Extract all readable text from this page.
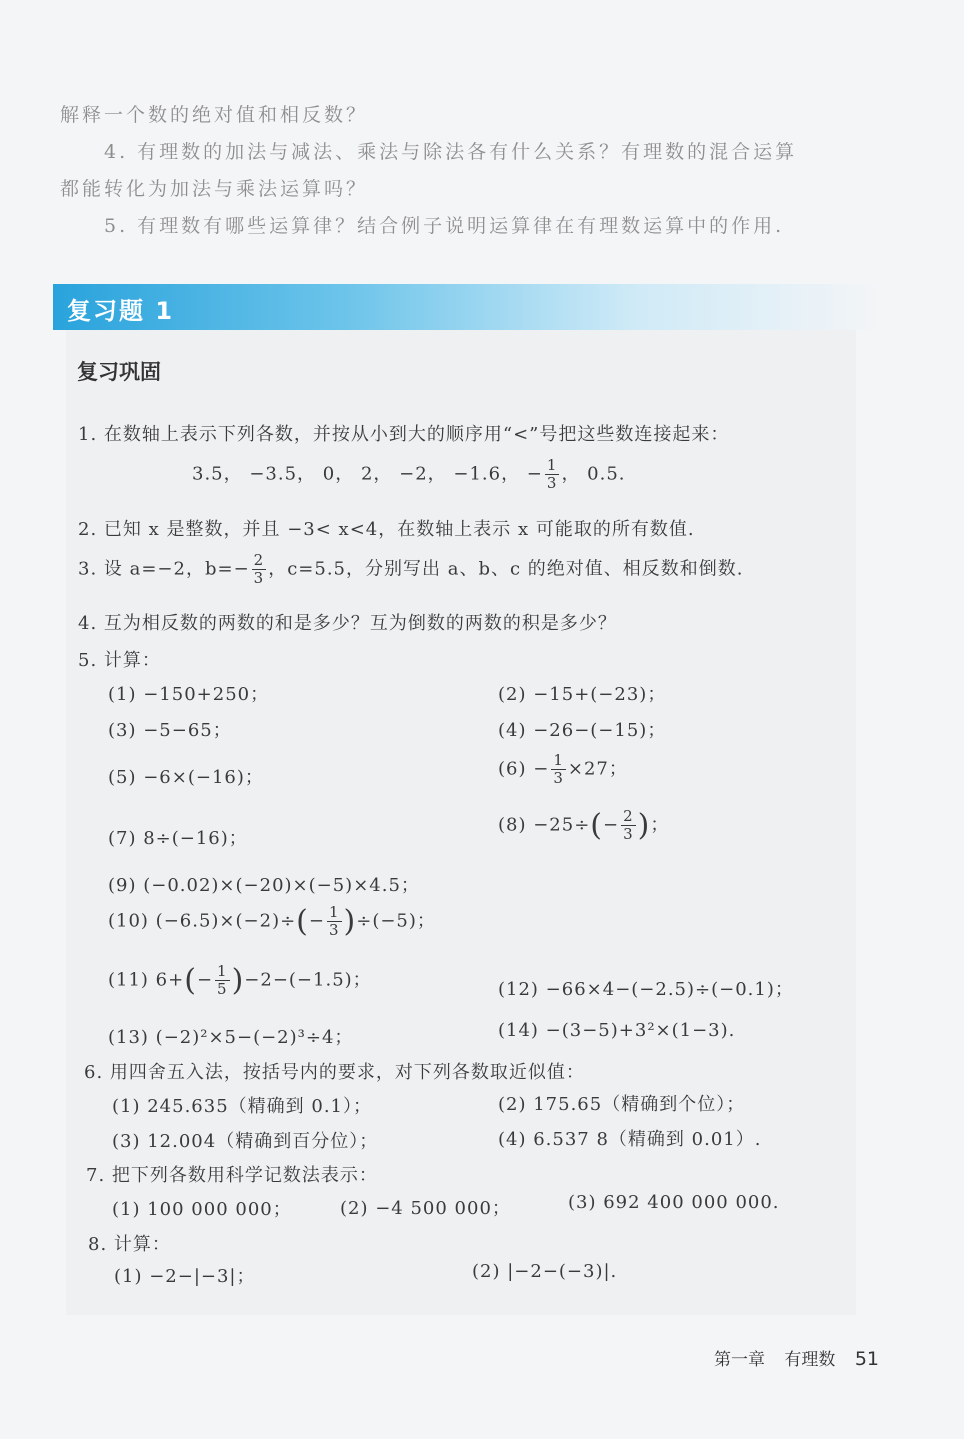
解释一个数的绝对值和相反数？
4. 有理数的加法与减法、乘法与除法各有什么关系？有理数的混合运算
都能转化为加法与乘法运算吗？
5. 有理数有哪些运算律？结合例子说明运算律在有理数运算中的作用.
复习题 1
复习巩固
1. 在数轴上表示下列各数，并按从小到大的顺序用“<”号把这些数连接起来：
3.5， −3.5， 0， 2， −2， −1.6， − $\frac{1}{3}$ ， 0.5.
2. 已知 x 是整数，并且 −3< x<4，在数轴上表示 x 可能取的所有数值.
3. 设 a=−2，$b=- \frac{2}{3}$ ，c=5.5，分别写出 a、b、c 的绝对值、相反数和倒数.
4. 互为相反数的两数的和是多少？互为倒数的两数的积是多少？
5. 计算：
(1) −150+250；	(2) −15+(−23)；
(3) −5−65；	(4) −26−(−15)；
(5) −6×(−16)；	$(6) - \frac{1}{3} \times 27$；
(7) 8÷(−16)；
$(8) -25\div(- \frac{2}{3}$ )；
(9) (−0.02)×(−20)×(−5)×4.5；
(10) $(-6.5)\times(-2)\div(- \frac{1}{3} )\div(-5)$；
(11) $6+(- \frac{1}{5} )-2-(-1.5)$；	(12) −66×4−(−2.5)÷(−0.1)；
(13) (−2)²×5−(−2)³÷4；	(14) −(3−5)+3²×(1−3).
6. 用四舍五入法，按括号内的要求，对下列各数取近似值：
(1) 245.635（精确到 0.1）；	(2) 175.65（精确到个位）；
(3) 12.004（精确到百分位）；	(4) 6.537 8（精确到 0.01）.
7. 把下列各数用科学记数法表示：
(1) 100 000 000；	(2) −4 500 000；	(3) 692 400 000 000.
8. 计算：
(1) −2−|−3|；	(2) |−2−(−3)|.
第一章 有理数 51
